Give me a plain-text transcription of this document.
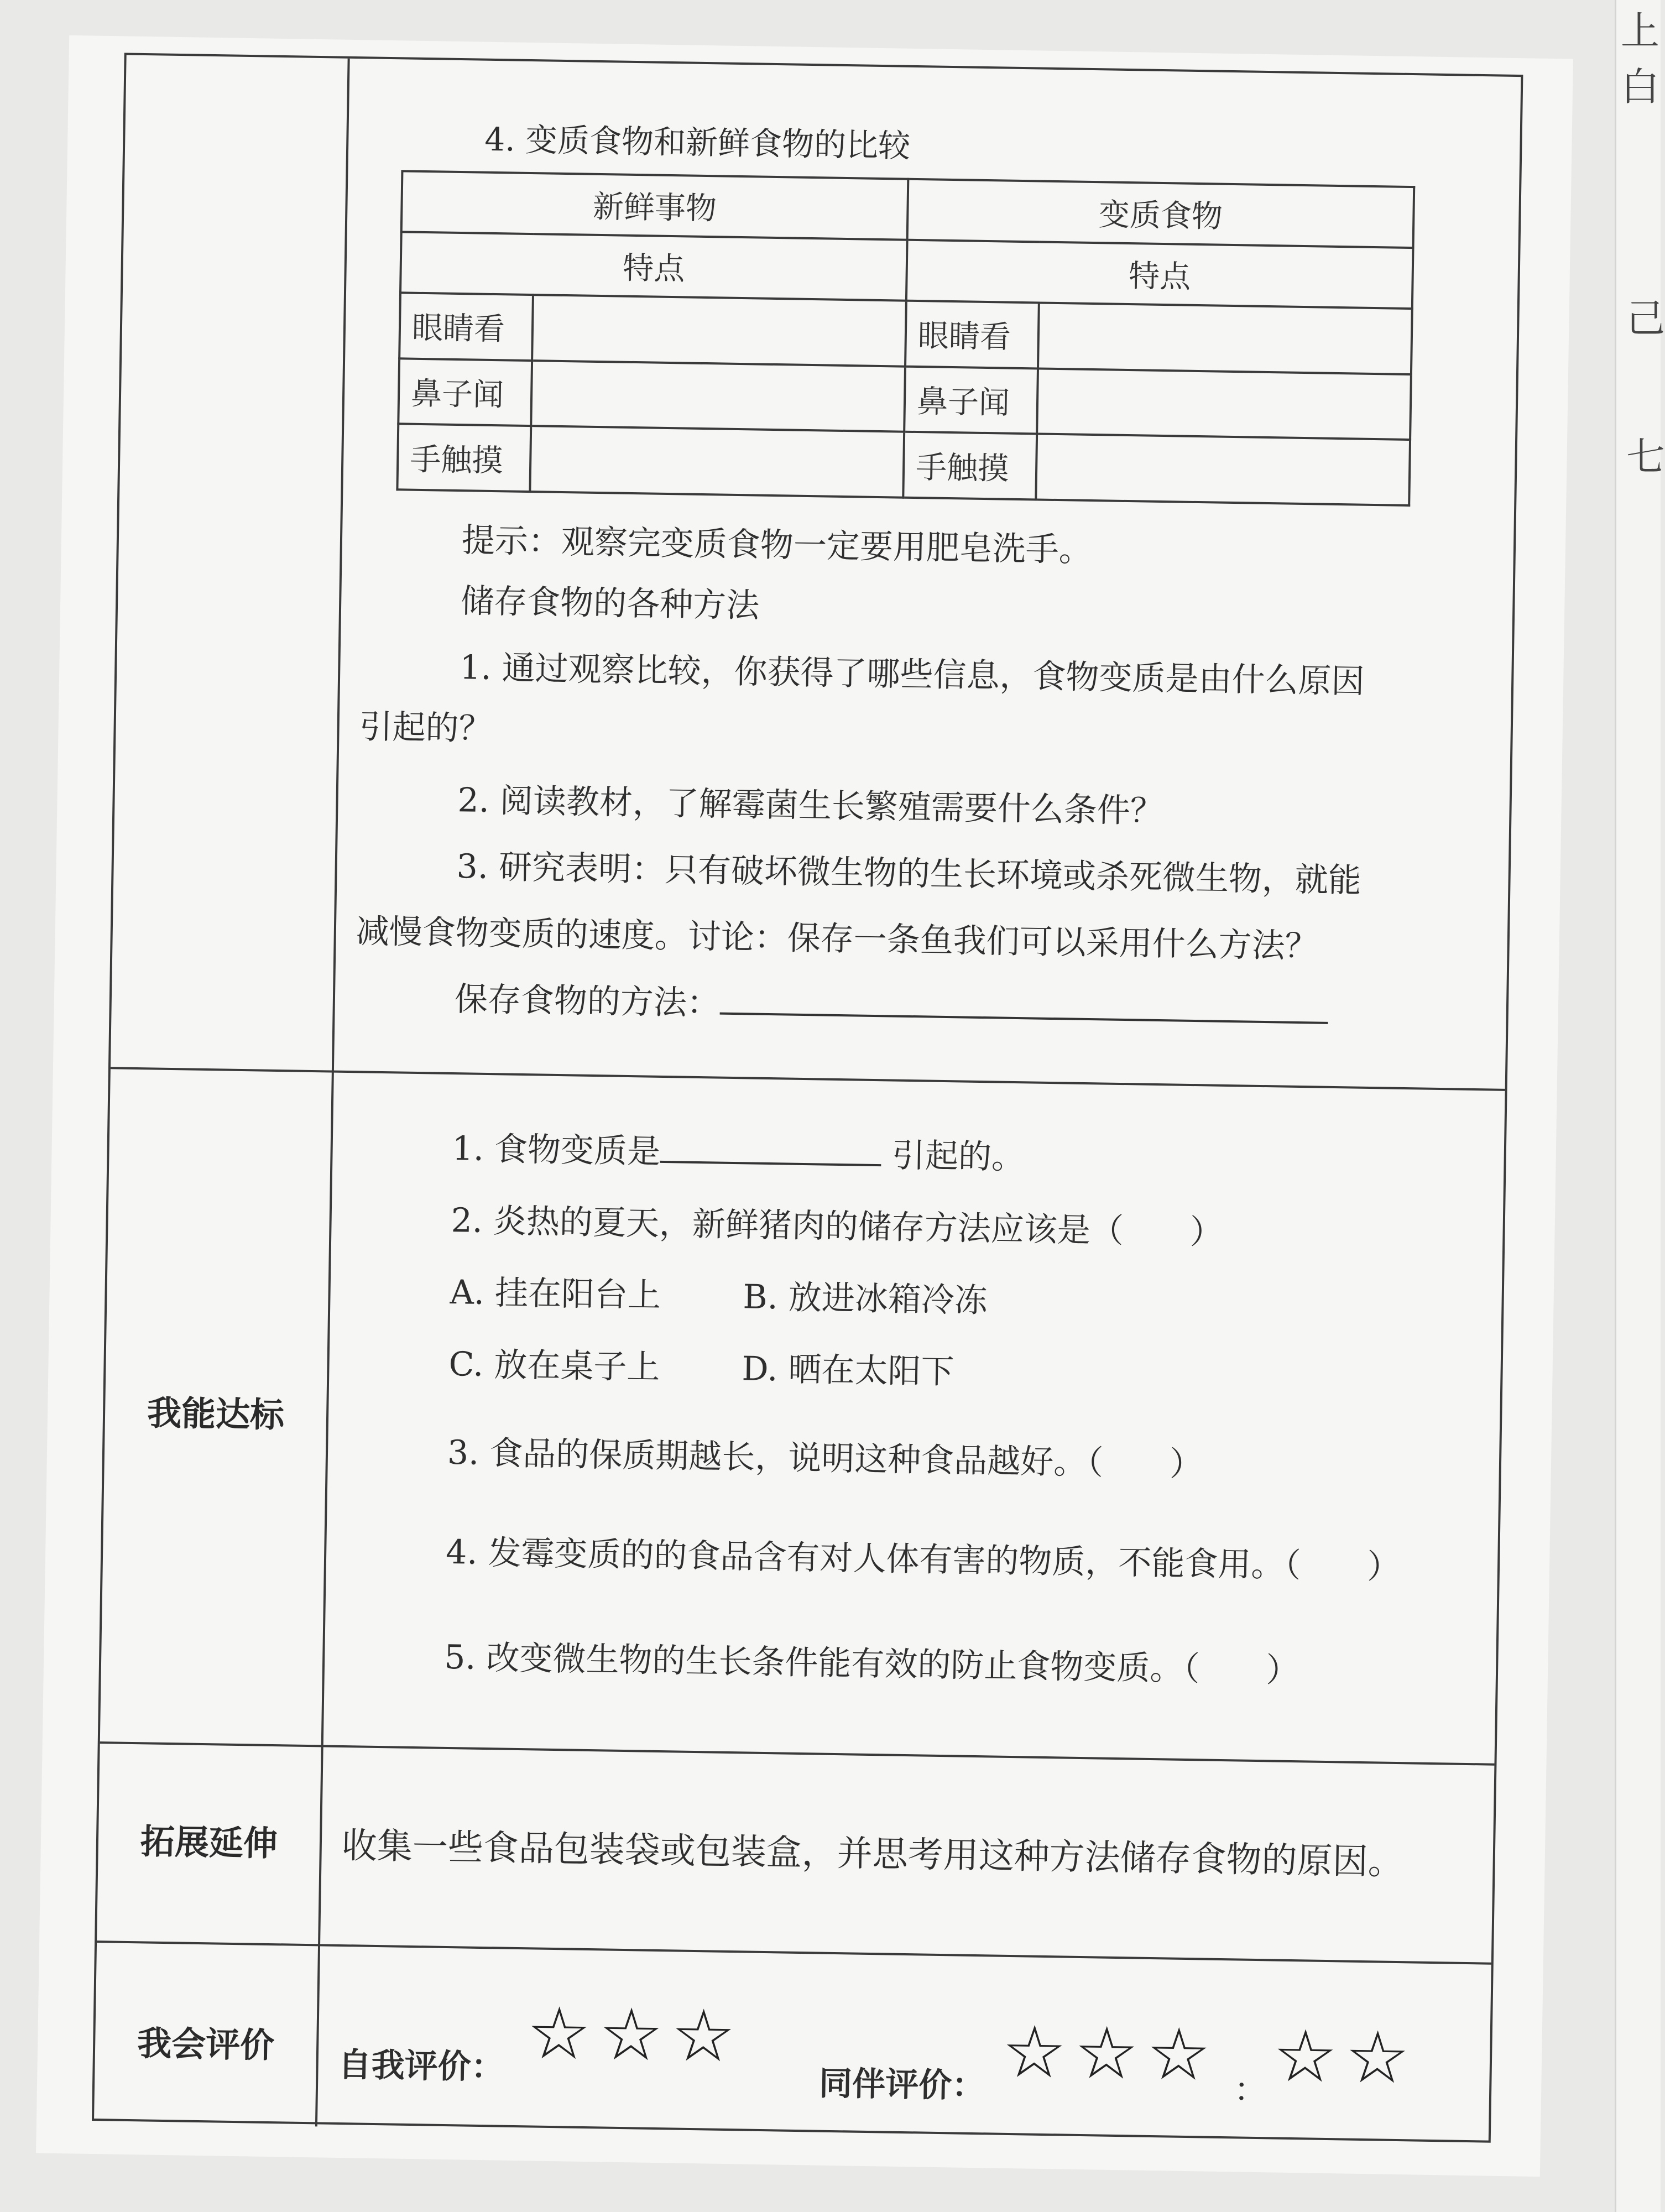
上白
己
七
4. 变质食物和新鲜食物的比较
新鲜事物		变质食物	
特点		特点	
眼睛看		眼睛看	
鼻子闻		鼻子闻	
手触摸		手触摸	
提示：观察完变质食物一定要用肥皂洗手。
储存食物的各种方法
1. 通过观察比较，你获得了哪些信息，食物变质是由什么原因
引起的？
2. 阅读教材，了解霉菌生长繁殖需要什么条件？
3. 研究表明：只有破坏微生物的生长环境或杀死微生物，就能
减慢食物变质的速度。讨论：保存一条鱼我们可以采用什么方法？
保存食物的方法：
我能达标
1. 食物变质是	引起的。
2. 炎热的夏天，新鲜猪肉的储存方法应该是（　　）
A. 挂在阳台上 B. 放进冰箱冷冻
C. 放在桌子上 D. 晒在太阳下
3. 食品的保质期越长，说明这种食品越好。（　　）
4. 发霉变质的的食品含有对人体有害的物质，不能食用。（　　）
5. 改变微生物的生长条件能有效的防止食物变质。（　　）
拓展延伸	收集一些食品包装袋或包装盒，并思考用这种方法储存食物的原因。
我会评价
自我评价： ☆☆☆
同伴评价： ☆☆☆ ： ☆☆
